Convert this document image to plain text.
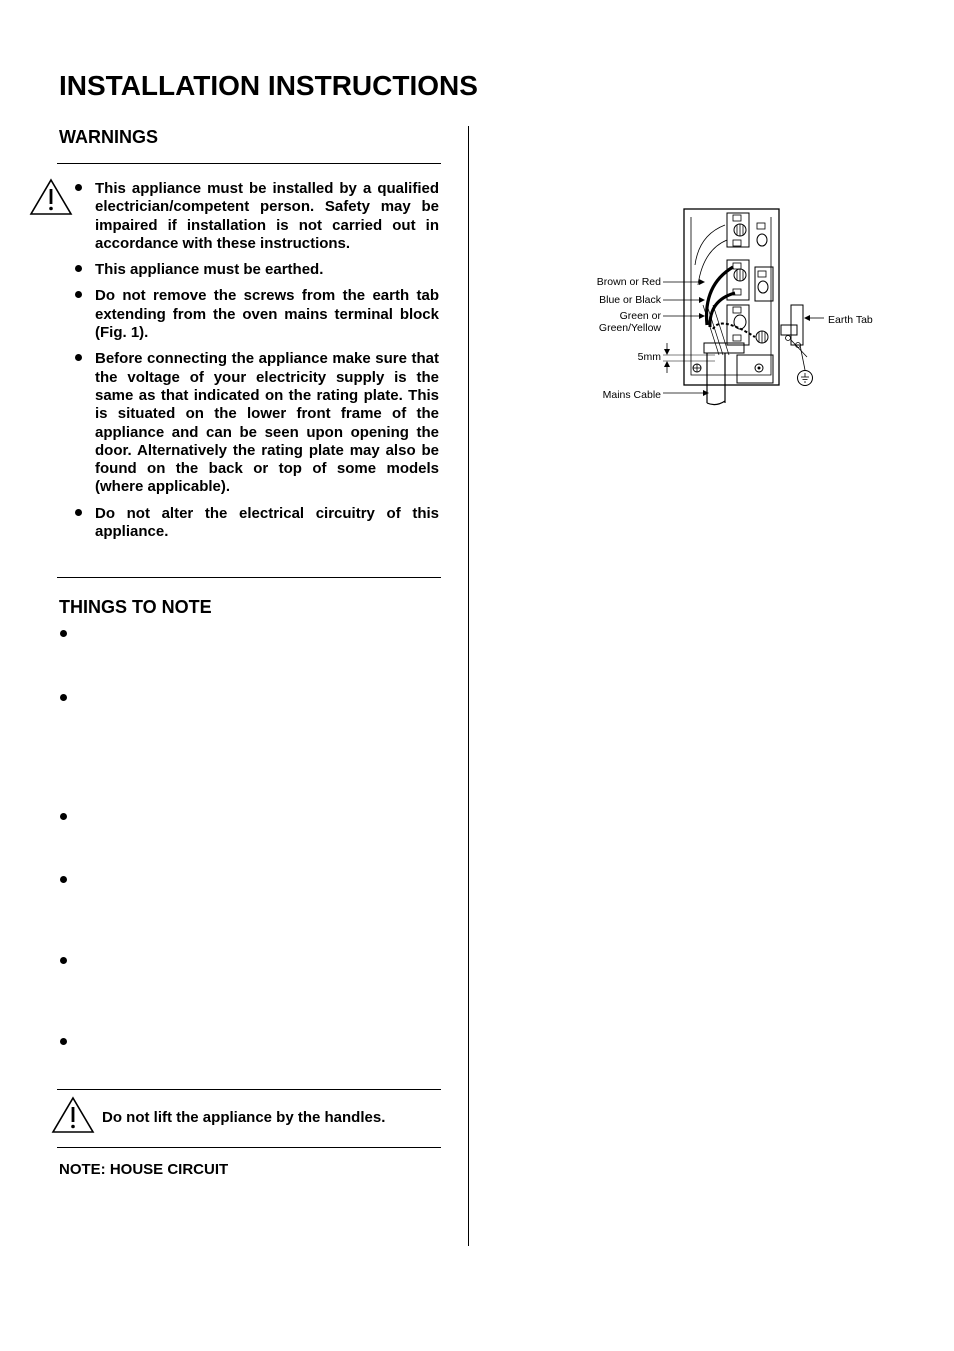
INSTALLATION INSTRUCTIONS
WARNINGS
This appliance must be installed by a qualified electrician/competent person. Safety may be impaired if installation is not carried out in accordance with these instructions.
This appliance must be earthed.
Do not remove the screws from the earth tab extending from the oven mains terminal block (Fig. 1).
Before connecting the appliance make sure that the voltage of your electricity supply is the same as that indicated on the rating plate. This is situated on the lower front frame of the appliance and can be seen upon opening the door. Alternatively the rating plate may also be found on the back or top of some models (where applicable).
Do not alter the electrical circuitry of this appliance.
THINGS TO NOTE
Do not lift the appliance by the handles.
NOTE: HOUSE CIRCUIT
Brown or Red
Blue or Black
Green or
Green/Yellow
5mm
Mains Cable
Earth Tab
